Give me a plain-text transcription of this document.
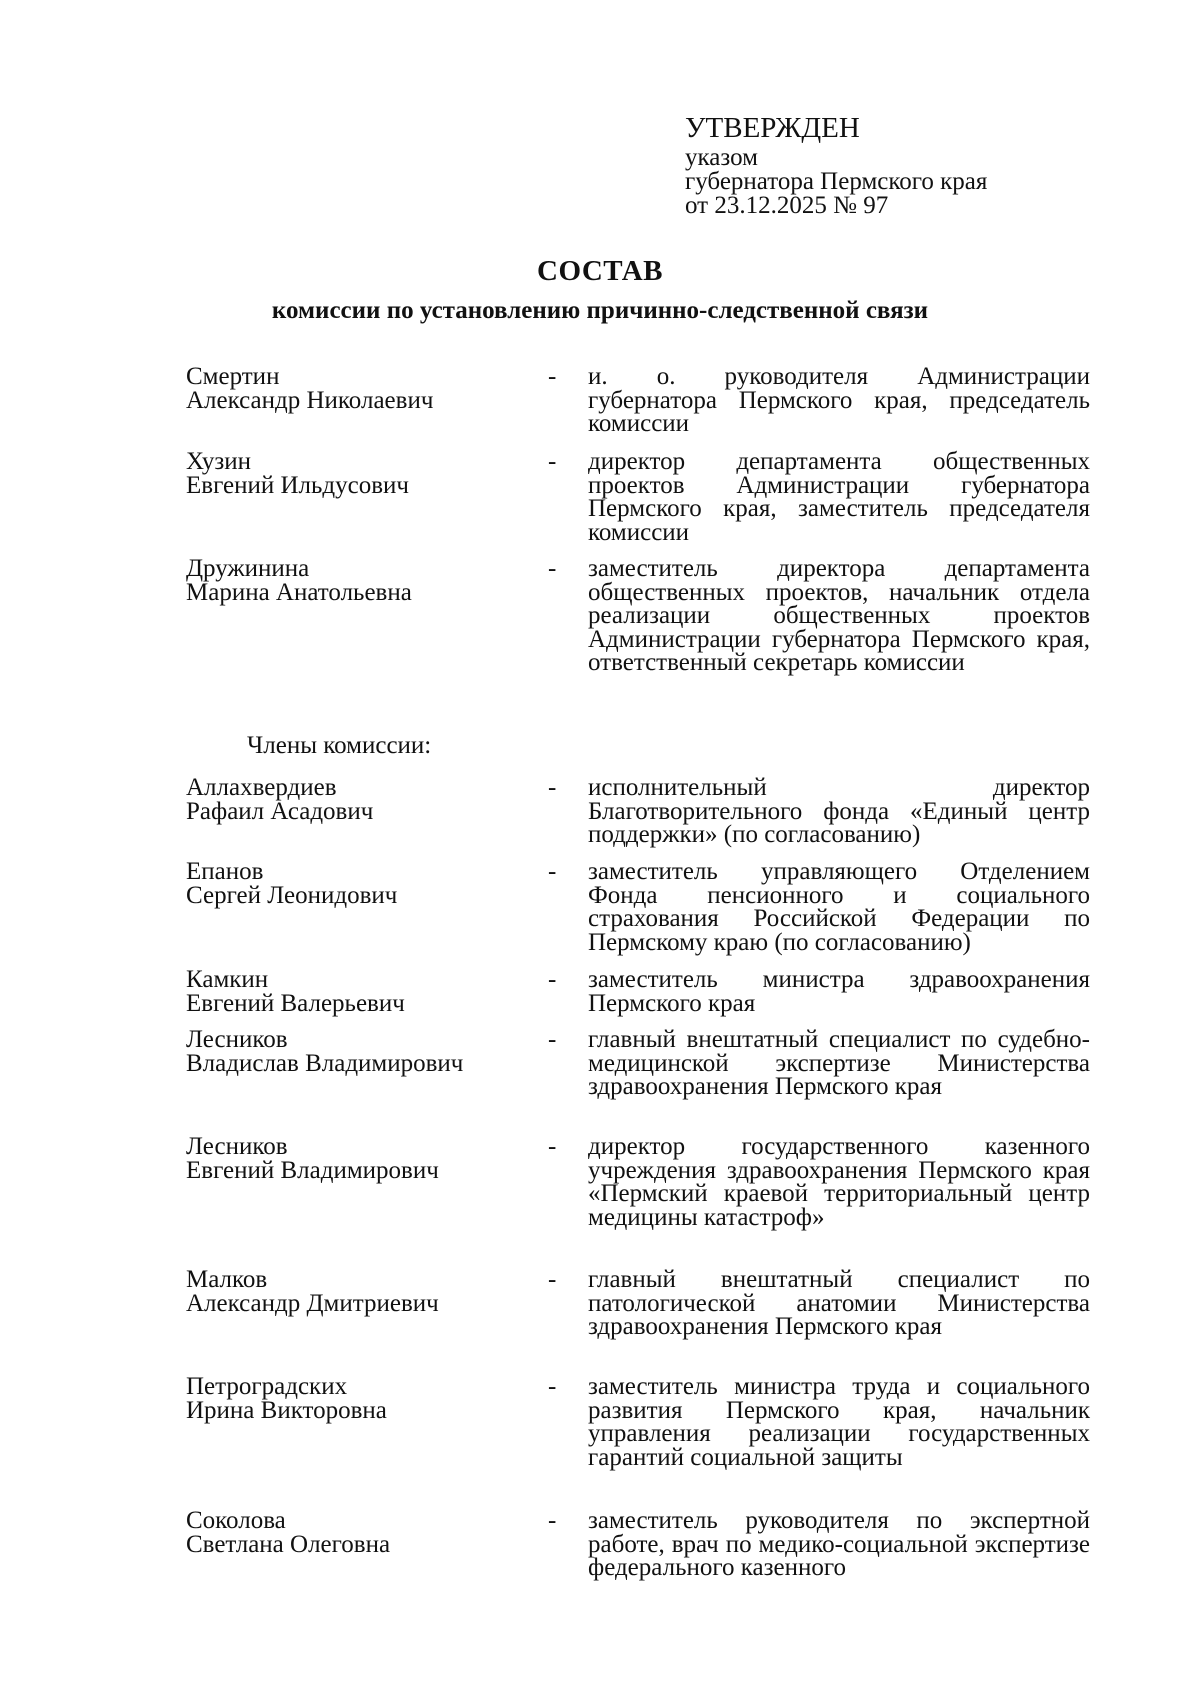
УТВЕРЖДЕН
указом
губернатора Пермского края
от 23.12.2025 № 97
СОСТАВ
комиссии по установлению причинно-следственной связи
Смертин
Александр Николаевич
- и. о. руководителя Администрации губернатора Пермского края, председатель комиссии
Хузин
Евгений Ильдусович
- директор департамента общественных проектов Администрации губернатора Пермского края, заместитель председателя комиссии
Дружинина
Марина Анатольевна
- заместитель директора департамента общественных проектов, начальник отдела реализации общественных проектов Администрации губернатора Пермского края, ответственный секретарь комиссии
Члены комиссии:
Аллахвердиев
Рафаил Асадович
- исполнительный директор Благотворительного фонда «Единый центр поддержки» (по согласованию)
Епанов
Сергей Леонидович
- заместитель управляющего Отделением Фонда пенсионного и социального страхования Российской Федерации по Пермскому краю (по согласованию)
Камкин
Евгений Валерьевич
- заместитель министра здравоохранения Пермского края
Лесников
Владислав Владимирович
- главный внештатный специалист по судебно-медицинской экспертизе Министерства здравоохранения Пермского края
Лесников
Евгений Владимирович
- директор государственного казенного учреждения здравоохранения Пермского края «Пермский краевой территориальный центр медицины катастроф»
Малков
Александр Дмитриевич
- главный внештатный специалист по патологической анатомии Министерства здравоохранения Пермского края
Петроградских
Ирина Викторовна
- заместитель министра труда и социального развития Пермского края, начальник управления реализации государственных гарантий социальной защиты
Соколова
Светлана Олеговна
- заместитель руководителя по экспертной работе, врач по медико-социальной экспертизе федерального казенного
